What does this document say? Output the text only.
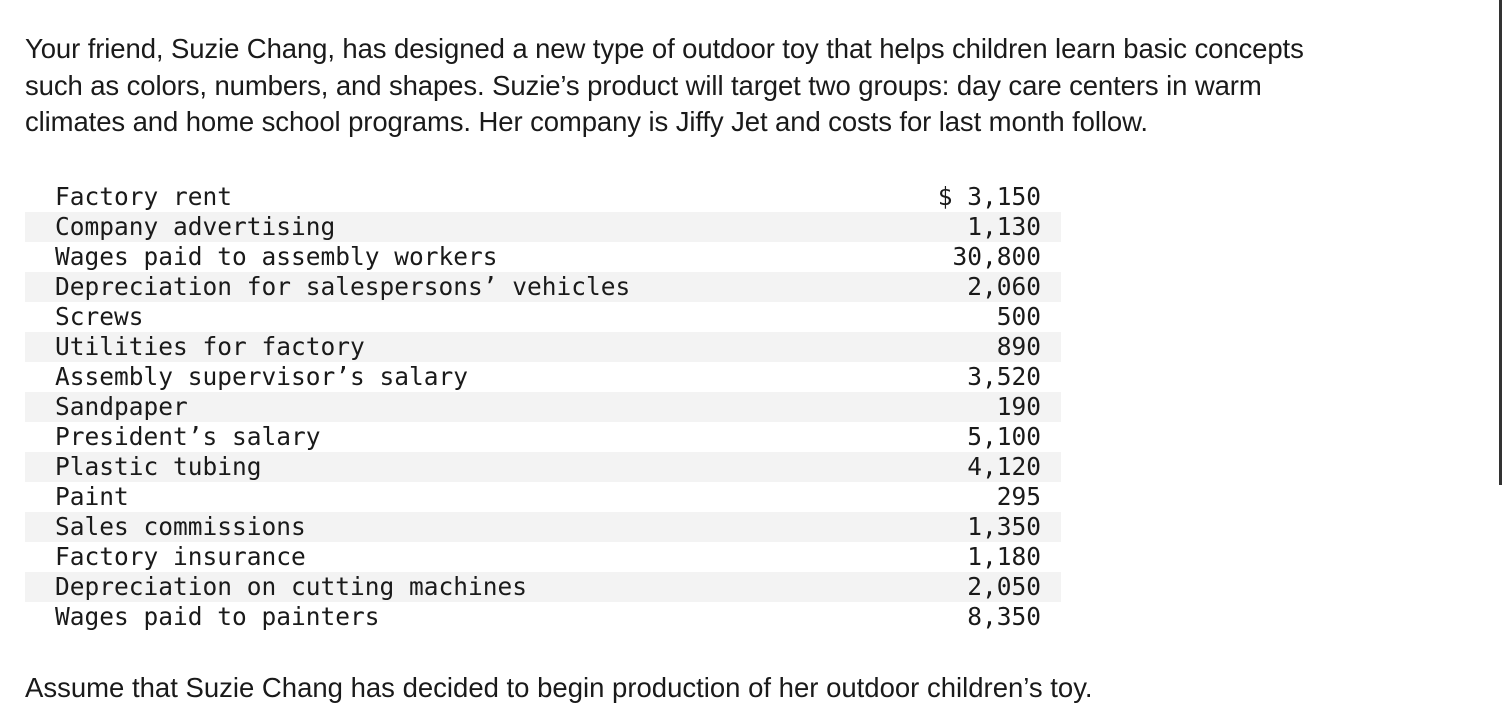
Your friend, Suzie Chang, has designed a new type of outdoor toy that helps children learn basic concepts
such as colors, numbers, and shapes. Suzie’s product will target two groups: day care centers in warm
climates and home school programs. Her company is Jiffy Jet and costs for last month follow.
Factory rent	$ 3,150
Company advertising	1,130
Wages paid to assembly workers	30,800
Depreciation for salespersons’ vehicles	2,060
Screws	500
Utilities for factory	890
Assembly supervisor’s salary	3,520
Sandpaper	190
President’s salary	5,100
Plastic tubing	4,120
Paint	295
Sales commissions	1,350
Factory insurance	1,180
Depreciation on cutting machines	2,050
Wages paid to painters	8,350
Assume that Suzie Chang has decided to begin production of her outdoor children’s toy.
